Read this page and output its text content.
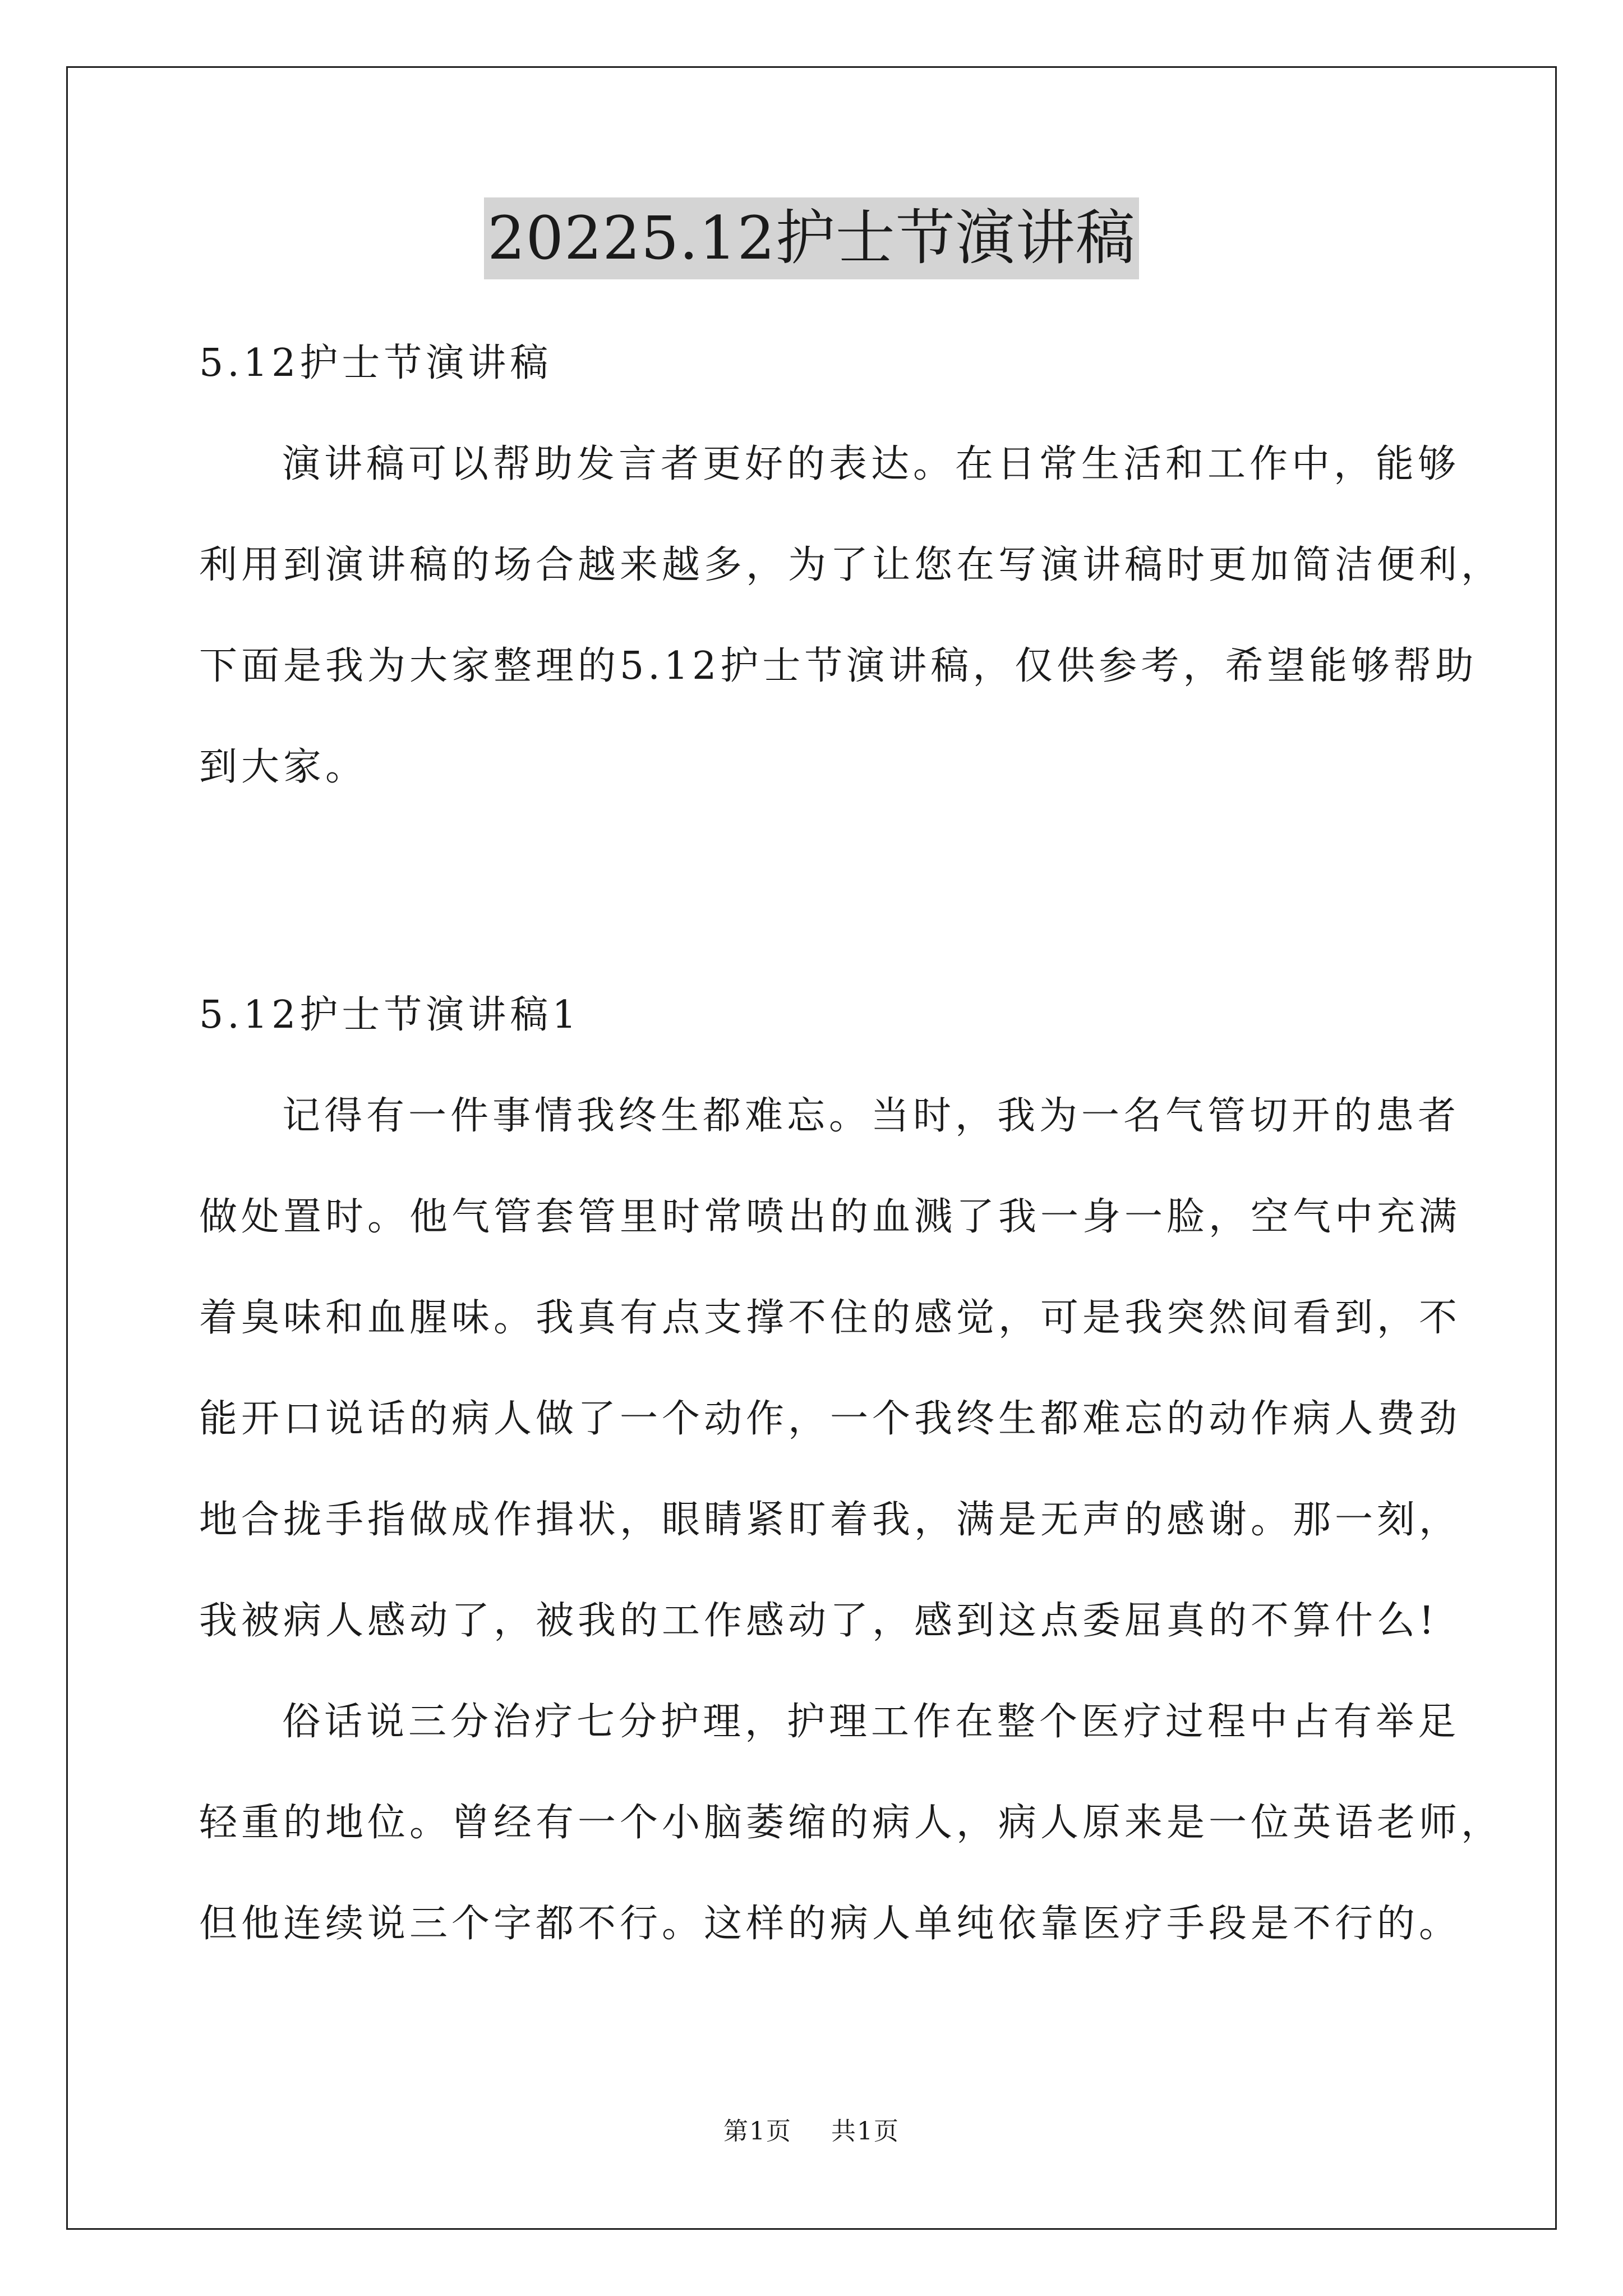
20225.12护士节演讲稿
5.12护士节演讲稿
演讲稿可以帮助发言者更好的表达。在日常生活和工作中，能够
利用到演讲稿的场合越来越多，为了让您在写演讲稿时更加简洁便利，
下面是我为大家整理的5.12护士节演讲稿，仅供参考，希望能够帮助
到大家。
5.12护士节演讲稿1
记得有一件事情我终生都难忘。当时，我为一名气管切开的患者
做处置时。他气管套管里时常喷出的血溅了我一身一脸，空气中充满
着臭味和血腥味。我真有点支撑不住的感觉，可是我突然间看到，不
能开口说话的病人做了一个动作，一个我终生都难忘的动作病人费劲
地合拢手指做成作揖状，眼睛紧盯着我，满是无声的感谢。那一刻，
我被病人感动了，被我的工作感动了，感到这点委屈真的不算什么!
俗话说三分治疗七分护理，护理工作在整个医疗过程中占有举足
轻重的地位。曾经有一个小脑萎缩的病人，病人原来是一位英语老师，
但他连续说三个字都不行。这样的病人单纯依靠医疗手段是不行的。
第1页 共1页
